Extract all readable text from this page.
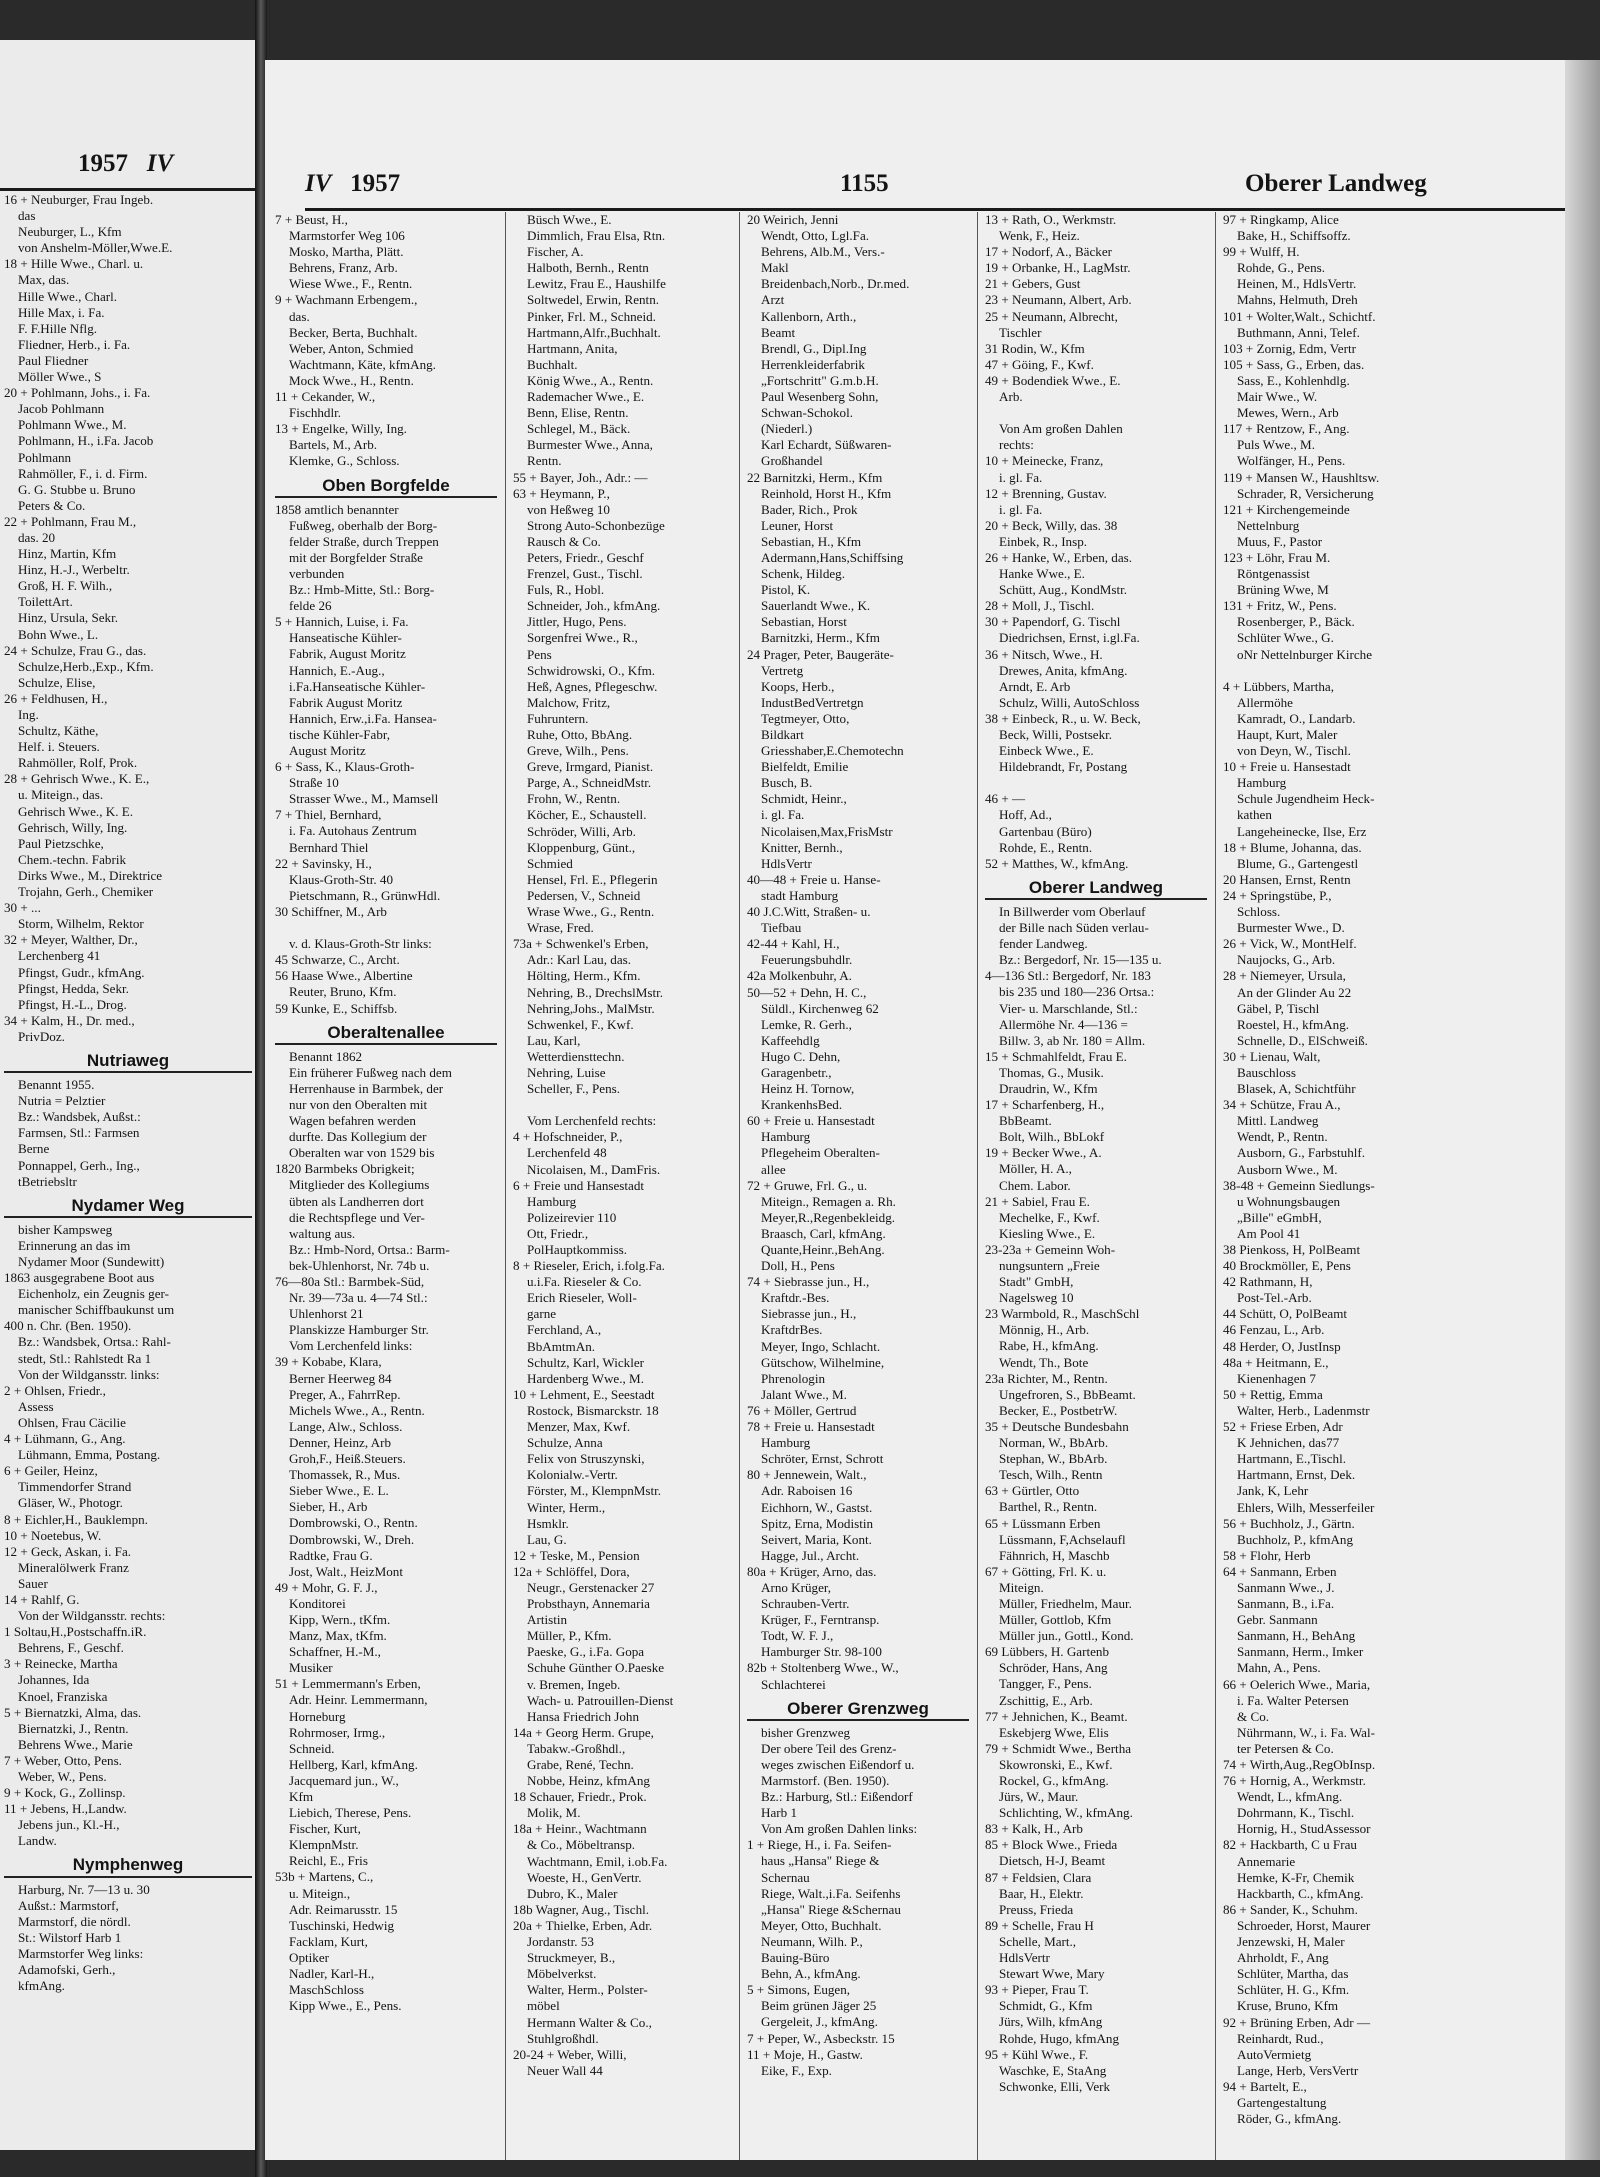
1957 IV
16 + Neuburger, Frau Ingeb.
das
Neuburger, L., Kfm
von Anshelm-Möller,Wwe.E.
18 + Hille Wwe., Charl. u.
Max, das.
Hille Wwe., Charl.
Hille Max, i. Fa.
F. F.Hille Nflg.
Fliedner, Herb., i. Fa.
Paul Fliedner
Möller Wwe., S
20 + Pohlmann, Johs., i. Fa.
Jacob Pohlmann
Pohlmann Wwe., M.
Pohlmann, H., i.Fa. Jacob
Pohlmann
Rahmöller, F., i. d. Firm.
G. G. Stubbe u. Bruno
Peters & Co.
22 + Pohlmann, Frau M.,
das. 20
Hinz, Martin, Kfm
Hinz, H.-J., Werbeltr.
Groß, H. F. Wilh.,
ToilettArt.
Hinz, Ursula, Sekr.
Bohn Wwe., L.
24 + Schulze, Frau G., das.
Schulze,Herb.,Exp., Kfm.
Schulze, Elise,
26 + Feldhusen, H.,
Ing.
Schultz, Käthe,
Helf. i. Steuers.
Rahmöller, Rolf, Prok.
28 + Gehrisch Wwe., K. E.,
u. Miteign., das.
Gehrisch Wwe., K. E.
Gehrisch, Willy, Ing.
Paul Pietzschke,
Chem.-techn. Fabrik
Dirks Wwe., M., Direktrice
Trojahn, Gerh., Chemiker
30 + ...
Storm, Wilhelm, Rektor
32 + Meyer, Walther, Dr.,
Lerchenberg 41
Pfingst, Gudr., kfmAng.
Pfingst, Hedda, Sekr.
Pfingst, H.-L., Drog.
34 + Kalm, H., Dr. med.,
PrivDoz.
Nutriaweg
Benannt 1955.
Nutria = Pelztier
Bz.: Wandsbek, Außst.:
Farmsen, Stl.: Farmsen
Berne
Ponnappel, Gerh., Ing.,
tBetriebsltr
Nydamer Weg
bisher Kampsweg
Erinnerung an das im
Nydamer Moor (Sundewitt)
1863 ausgegrabene Boot aus
Eichenholz, ein Zeugnis ger-
manischer Schiffbaukunst um
400 n. Chr. (Ben. 1950).
Bz.: Wandsbek, Ortsa.: Rahl-
stedt, Stl.: Rahlstedt Ra 1
Von der Wildgansstr. links:
2 + Ohlsen, Friedr.,
Assess
Ohlsen, Frau Cäcilie
4 + Lühmann, G., Ang.
Lühmann, Emma, Postang.
6 + Geiler, Heinz,
Timmendorfer Strand
Gläser, W., Photogr.
8 + Eichler,H., Bauklempn.
10 + Noetebus, W.
12 + Geck, Askan, i. Fa.
Mineralölwerk Franz
Sauer
14 + Rahlf, G.
Von der Wildgansstr. rechts:
1 Soltau,H.,Postschaffn.iR.
Behrens, F., Geschf.
3 + Reinecke, Martha
Johannes, Ida
Knoel, Franziska
5 + Biernatzki, Alma, das.
Biernatzki, J., Rentn.
Behrens Wwe., Marie
7 + Weber, Otto, Pens.
Weber, W., Pens.
9 + Kock, G., Zollinsp.
11 + Jebens, H.,Landw.
Jebens jun., Kl.-H.,
Landw.
Nymphenweg
Harburg, Nr. 7—13 u. 30
Außst.: Marmstorf,
Marmstorf, die nördl.
St.: Wilstorf Harb 1
Marmstorfer Weg links:
Adamofski, Gerh.,
kfmAng.
IV 1957	1155	Oberer Landweg
7 + Beust, H.,
Marmstorfer Weg 106
Mosko, Martha, Plätt.
Behrens, Franz, Arb.
Wiese Wwe., F., Rentn.
9 + Wachmann Erbengem.,
das.
Becker, Berta, Buchhalt.
Weber, Anton, Schmied
Wachtmann, Käte, kfmAng.
Mock Wwe., H., Rentn.
11 + Cekander, W.,
Fischhdlr.
13 + Engelke, Willy, Ing.
Bartels, M., Arb.
Klemke, G., Schloss.
Oben Borgfelde
1858 amtlich benannter
Fußweg, oberhalb der Borg-
felder Straße, durch Treppen
mit der Borgfelder Straße
verbunden
Bz.: Hmb-Mitte, Stl.: Borg-
felde 26
5 + Hannich, Luise, i. Fa.
Hanseatische Kühler-
Fabrik, August Moritz
Hannich, E.-Aug.,
i.Fa.Hanseatische Kühler-
Fabrik August Moritz
Hannich, Erw.,i.Fa. Hansea-
tische Kühler-Fabr,
August Moritz
6 + Sass, K., Klaus-Groth-
Straße 10
Strasser Wwe., M., Mamsell
7 + Thiel, Bernhard,
i. Fa. Autohaus Zentrum
Bernhard Thiel
22 + Savinsky, H.,
Klaus-Groth-Str. 40
Pietschmann, R., GrünwHdl.
30 Schiffner, M., Arb

v. d. Klaus-Groth-Str links:
45 Schwarze, C., Archt.
56 Haase Wwe., Albertine
Reuter, Bruno, Kfm.
59 Kunke, E., Schiffsb.
Oberaltenallee
Benannt 1862
Ein früherer Fußweg nach dem
Herrenhause in Barmbek, der
nur von den Oberalten mit
Wagen befahren werden
durfte. Das Kollegium der
Oberalten war von 1529 bis
1820 Barmbeks Obrigkeit;
Mitglieder des Kollegiums
übten als Landherren dort
die Rechtspflege und Ver-
waltung aus.
Bz.: Hmb-Nord, Ortsa.: Barm-
bek-Uhlenhorst, Nr. 74b u.
76—80a Stl.: Barmbek-Süd,
Nr. 39—73a u. 4—74 Stl.:
Uhlenhorst 21
Planskizze Hamburger Str.
Vom Lerchenfeld links:
39 + Kobabe, Klara,
Berner Heerweg 84
Preger, A., FahrrRep.
Michels Wwe., A., Rentn.
Lange, Alw., Schloss.
Denner, Heinz, Arb
Groh,F., Heiß.Steuers.
Thomassek, R., Mus.
Sieber Wwe., E. L.
Sieber, H., Arb
Dombrowski, O., Rentn.
Dombrowski, W., Dreh.
Radtke, Frau G.
Jost, Walt., HeizMont
49 + Mohr, G. F. J.,
Konditorei
Kipp, Wern., tKfm.
Manz, Max, tKfm.
Schaffner, H.-M.,
Musiker
51 + Lemmermann's Erben,
Adr. Heinr. Lemmermann,
Horneburg
Rohrmoser, Irmg.,
Schneid.
Hellberg, Karl, kfmAng.
Jacquemard jun., W.,
Kfm
Liebich, Therese, Pens.
Fischer, Kurt,
KlempnMstr.
Reichl, E., Fris
53b + Martens, C.,
u. Miteign.,
Adr. Reimarusstr. 15
Tuschinski, Hedwig
Facklam, Kurt,
Optiker
Nadler, Karl-H.,
MaschSchloss
Kipp Wwe., E., Pens.
Büsch Wwe., E.
Dimmlich, Frau Elsa, Rtn.
Fischer, A.
Halboth, Bernh., Rentn
Lewitz, Frau E., Haushilfe
Soltwedel, Erwin, Rentn.
Pinker, Frl. M., Schneid.
Hartmann,Alfr.,Buchhalt.
Hartmann, Anita,
Buchhalt.
König Wwe., A., Rentn.
Rademacher Wwe., E.
Benn, Elise, Rentn.
Schlegel, M., Bäck.
Burmester Wwe., Anna,
Rentn.
55 + Bayer, Joh., Adr.: —
63 + Heymann, P.,
von Heßweg 10
Strong Auto-Schonbezüge
Rausch & Co.
Peters, Friedr., Geschf
Frenzel, Gust., Tischl.
Fuls, R., Hobl.
Schneider, Joh., kfmAng.
Jittler, Hugo, Pens.
Sorgenfrei Wwe., R.,
Pens
Schwidrowski, O., Kfm.
Heß, Agnes, Pflegeschw.
Malchow, Fritz,
Fuhruntern.
Ruhe, Otto, BbAng.
Greve, Wilh., Pens.
Greve, Irmgard, Pianist.
Parge, A., SchneidMstr.
Frohn, W., Rentn.
Köcher, E., Schaustell.
Schröder, Willi, Arb.
Kloppenburg, Günt.,
Schmied
Hensel, Frl. E., Pflegerin
Pedersen, V., Schneid
Wrase Wwe., G., Rentn.
Wrase, Fred.
73a + Schwenkel's Erben,
Adr.: Karl Lau, das.
Hölting, Herm., Kfm.
Nehring, B., DrechslMstr.
Nehring,Johs., MalMstr.
Schwenkel, F., Kwf.
Lau, Karl,
Wetterdiensttechn.
Nehring, Luise
Scheller, F., Pens.

Vom Lerchenfeld rechts:
4 + Hofschneider, P.,
Lerchenfeld 48
Nicolaisen, M., DamFris.
6 + Freie und Hansestadt
Hamburg
Polizeirevier 110
Ott, Friedr.,
PolHauptkommiss.
8 + Rieseler, Erich, i.folg.Fa.
u.i.Fa. Rieseler & Co.
Erich Rieseler, Woll-
garne
Ferchland, A.,
BbAmtmAn.
Schultz, Karl, Wickler
Hardenberg Wwe., M.
10 + Lehment, E., Seestadt
Rostock, Bismarckstr. 18
Menzer, Max, Kwf.
Schulze, Anna
Felix von Struszynski,
Kolonialw.-Vertr.
Förster, M., KlempnMstr.
Winter, Herm.,
Hsmklr.
Lau, G.
12 + Teske, M., Pension
12a + Schlöffel, Dora,
Neugr., Gerstenacker 27
Probsthayn, Annemaria
Artistin
Müller, P., Kfm.
Paeske, G., i.Fa. Gopa
Schuhe Günther O.Paeske
v. Bremen, Ingeb.
Wach- u. Patrouillen-Dienst
Hansa Friedrich John
14a + Georg Herm. Grupe,
Tabakw.-Großhdl.,
Grabe, René, Techn.
Nobbe, Heinz, kfmAng
18 Schauer, Friedr., Prok.
Molik, M.
18a + Heinr., Wachtmann
& Co., Möbeltransp.
Wachtmann, Emil, i.ob.Fa.
Woeste, H., GenVertr.
Dubro, K., Maler
18b Wagner, Aug., Tischl.
20a + Thielke, Erben, Adr.
Jordanstr. 53
Struckmeyer, B.,
Möbelverkst.
Walter, Herm., Polster-
möbel
Hermann Walter & Co.,
Stuhlgroßhdl.
20-24 + Weber, Willi,
Neuer Wall 44
20 Weirich, Jenni
Wendt, Otto, Lgl.Fa.
Behrens, Alb.M., Vers.-
Makl
Breidenbach,Norb., Dr.med.
Arzt
Kallenborn, Arth.,
Beamt
Brendl, G., Dipl.Ing
Herrenkleiderfabrik
„Fortschritt" G.m.b.H.
Paul Wesenberg Sohn,
Schwan-Schokol.
(Niederl.)
Karl Echardt, Süßwaren-
Großhandel
22 Barnitzki, Herm., Kfm
Reinhold, Horst H., Kfm
Bader, Rich., Prok
Leuner, Horst
Sebastian, H., Kfm
Adermann,Hans,Schiffsing
Schenk, Hildeg.
Pistol, K.
Sauerlandt Wwe., K.
Sebastian, Horst
Barnitzki, Herm., Kfm
24 Prager, Peter, Baugeräte-
Vertretg
Koops, Herb.,
IndustBedVertretgn
Tegtmeyer, Otto,
Bildkart
Griesshaber,E.Chemotechn
Bielfeldt, Emilie
Busch, B.
Schmidt, Heinr.,
i. gl. Fa.
Nicolaisen,Max,FrisMstr
Knitter, Bernh.,
HdlsVertr
40—48 + Freie u. Hanse-
stadt Hamburg
40 J.C.Witt, Straßen- u.
Tiefbau
42-44 + Kahl, H.,
Feuerungsbuhdlr.
42a Molkenbuhr, A.
50—52 + Dehn, H. C.,
Süldl., Kirchenweg 62
Lemke, R. Gerh.,
Kaffeehdlg
Hugo C. Dehn,
Garagenbetr.,
Heinz H. Tornow,
KrankenhsBed.
60 + Freie u. Hansestadt
Hamburg
Pflegeheim Oberalten-
allee
72 + Gruwe, Frl. G., u.
Miteign., Remagen a. Rh.
Meyer,R.,Regenbekleidg.
Braasch, Carl, kfmAng.
Quante,Heinr.,BehAng.
Doll, H., Pens
74 + Siebrasse jun., H.,
Kraftdr.-Bes.
Siebrasse jun., H.,
KraftdrBes.
Meyer, Ingo, Schlacht.
Gütschow, Wilhelmine,
Phrenologin
Jalant Wwe., M.
76 + Möller, Gertrud
78 + Freie u. Hansestadt
Hamburg
Schröter, Ernst, Schrott
80 + Jennewein, Walt.,
Adr. Raboisen 16
Eichhorn, W., Gastst.
Spitz, Erna, Modistin
Seivert, Maria, Kont.
Hagge, Jul., Archt.
80a + Krüger, Arno, das.
Arno Krüger,
Schrauben-Vertr.
Krüger, F., Ferntransp.
Todt, W. F. J.,
Hamburger Str. 98-100
82b + Stoltenberg Wwe., W.,
Schlachterei
Oberer Grenzweg
bisher Grenzweg
Der obere Teil des Grenz-
weges zwischen Eißendorf u.
Marmstorf. (Ben. 1950).
Bz.: Harburg, Stl.: Eißendorf
Harb 1
Von Am großen Dahlen links:
1 + Riege, H., i. Fa. Seifen-
haus „Hansa" Riege &
Schernau
Riege, Walt.,i.Fa. Seifenhs
„Hansa" Riege &Schernau
Meyer, Otto, Buchhalt.
Neumann, Wilh. P.,
Bauing-Büro
Behn, A., kfmAng.
5 + Simons, Eugen,
Beim grünen Jäger 25
Gergeleit, J., kfmAng.
7 + Peper, W., Asbeckstr. 15
11 + Moje, H., Gastw.
Eike, F., Exp.
13 + Rath, O., Werkmstr.
Wenk, F., Heiz.
17 + Nodorf, A., Bäcker
19 + Orbanke, H., LagMstr.
21 + Gebers, Gust
23 + Neumann, Albert, Arb.
25 + Neumann, Albrecht,
Tischler
31 Rodin, W., Kfm
47 + Göing, F., Kwf.
49 + Bodendiek Wwe., E.
Arb.

Von Am großen Dahlen
rechts:
10 + Meinecke, Franz,
i. gl. Fa.
12 + Brenning, Gustav.
i. gl. Fa.
20 + Beck, Willy, das. 38
Einbek, R., Insp.
26 + Hanke, W., Erben, das.
Hanke Wwe., E.
Schütt, Aug., KondMstr.
28 + Moll, J., Tischl.
30 + Papendorf, G. Tischl
Diedrichsen, Ernst, i.gl.Fa.
36 + Nitsch, Wwe., H.
Drewes, Anita, kfmAng.
Arndt, E. Arb
Schulz, Willi, AutoSchloss
38 + Einbeck, R., u. W. Beck,
Beck, Willi, Postsekr.
Einbeck Wwe., E.
Hildebrandt, Fr, Postang

46 + —
Hoff, Ad.,
Gartenbau (Büro)
Rohde, E., Rentn.
52 + Matthes, W., kfmAng.
Oberer Landweg
In Billwerder vom Oberlauf
der Bille nach Süden verlau-
fender Landweg.
Bz.: Bergedorf, Nr. 15—135 u.
4—136 Stl.: Bergedorf, Nr. 183
bis 235 und 180—236 Ortsa.:
Vier- u. Marschlande, Stl.:
Allermöhe Nr. 4—136 =
Billw. 3, ab Nr. 180 = Allm.
15 + Schmahlfeldt, Frau E.
Thomas, G., Musik.
Draudrin, W., Kfm
17 + Scharfenberg, H.,
BbBeamt.
Bolt, Wilh., BbLokf
19 + Becker Wwe., A.
Möller, H. A.,
Chem. Labor.
21 + Sabiel, Frau E.
Mechelke, F., Kwf.
Kiesling Wwe., E.
23-23a + Gemeinn Woh-
nungsuntern „Freie
Stadt" GmbH,
Nagelsweg 10
23 Warmbold, R., MaschSchl
Mönnig, H., Arb.
Rabe, H., kfmAng.
Wendt, Th., Bote
23a Richter, M., Rentn.
Ungefroren, S., BbBeamt.
Becker, E., PostbetrW.
35 + Deutsche Bundesbahn
Norman, W., BbArb.
Stephan, W., BbArb.
Tesch, Wilh., Rentn
63 + Gürtler, Otto
Barthel, R., Rentn.
65 + Lüssmann Erben
Lüssmann, F,Achselaufl
Fähnrich, H, Maschb
67 + Götting, Frl. K. u.
Miteign.
Müller, Friedhelm, Maur.
Müller, Gottlob, Kfm
Müller jun., Gottl., Kond.
69 Lübbers, H. Gartenb
Schröder, Hans, Ang
Tangger, F., Pens.
Zschittig, E., Arb.
77 + Jehnichen, K., Beamt.
Eskebjerg Wwe, Elis
79 + Schmidt Wwe., Bertha
Skowronski, E., Kwf.
Rockel, G., kfmAng.
Jürs, W., Maur.
Schlichting, W., kfmAng.
83 + Kalk, H., Arb
85 + Block Wwe., Frieda
Dietsch, H-J, Beamt
87 + Feldsien, Clara
Baar, H., Elektr.
Preuss, Frieda
89 + Schelle, Frau H
Schelle, Mart.,
HdlsVertr
Stewart Wwe, Mary
93 + Pieper, Frau T.
Schmidt, G., Kfm
Jürs, Wilh, kfmAng
Rohde, Hugo, kfmAng
95 + Kühl Wwe., F.
Waschke, E, StaAng
Schwonke, Elli, Verk
97 + Ringkamp, Alice
Bake, H., Schiffsoffz.
99 + Wulff, H.
Rohde, G., Pens.
Heinen, M., HdlsVertr.
Mahns, Helmuth, Dreh
101 + Wolter,Walt., Schichtf.
Buthmann, Anni, Telef.
103 + Zornig, Edm, Vertr
105 + Sass, G., Erben, das.
Sass, E., Kohlenhdlg.
Mair Wwe., W.
Mewes, Wern., Arb
117 + Rentzow, F., Ang.
Puls Wwe., M.
Wolfänger, H., Pens.
119 + Mansen W., Haushltsw.
Schrader, R, Versicherung
121 + Kirchengemeinde
Nettelnburg
Muus, F., Pastor
123 + Löhr, Frau M.
Röntgenassist
Brüning Wwe, M
131 + Fritz, W., Pens.
Rosenberger, P., Bäck.
Schlüter Wwe., G.
oNr Nettelnburger Kirche

4 + Lübbers, Martha,
Allermöhe
Kamradt, O., Landarb.
Haupt, Kurt, Maler
von Deyn, W., Tischl.
10 + Freie u. Hansestadt
Hamburg
Schule Jugendheim Heck-
kathen
Langeheinecke, Ilse, Erz
18 + Blume, Johanna, das.
Blume, G., Gartengestl
20 Hansen, Ernst, Rentn
24 + Springstübe, P.,
Schloss.
Burmester Wwe., D.
26 + Vick, W., MontHelf.
Naujocks, G., Arb.
28 + Niemeyer, Ursula,
An der Glinder Au 22
Gäbel, P, Tischl
Roestel, H., kfmAng.
Schnelle, D., ElSchweiß.
30 + Lienau, Walt,
Bauschloss
Blasek, A, Schichtführ
34 + Schütze, Frau A.,
Mittl. Landweg
Wendt, P., Rentn.
Ausborn, G., Farbstuhlf.
Ausborn Wwe., M.
38-48 + Gemeinn Siedlungs-
u Wohnungsbaugen
„Bille" eGmbH,
Am Pool 41
38 Pienkoss, H, PolBeamt
40 Brockmöller, E, Pens
42 Rathmann, H,
Post-Tel.-Arb.
44 Schütt, O, PolBeamt
46 Fenzau, L., Arb.
48 Herder, O, JustInsp
48a + Heitmann, E.,
Kienenhagen 7
50 + Rettig, Emma
Walter, Herb., Ladenmstr
52 + Friese Erben, Adr
K Jehnichen, das77
Hartmann, E.,Tischl.
Hartmann, Ernst, Dek.
Jank, K, Lehr
Ehlers, Wilh, Messerfeiler
56 + Buchholz, J., Gärtn.
Buchholz, P., kfmAng
58 + Flohr, Herb
64 + Sanmann, Erben
Sanmann Wwe., J.
Sanmann, B., i.Fa.
Gebr. Sanmann
Sanmann, H., BehAng
Sanmann, Herm., Imker
Mahn, A., Pens.
66 + Oelerich Wwe., Maria,
i. Fa. Walter Petersen
& Co.
Nührmann, W., i. Fa. Wal-
ter Petersen & Co.
74 + Wirth,Aug.,RegObInsp.
76 + Hornig, A., Werkmstr.
Wendt, L., kfmAng.
Dohrmann, K., Tischl.
Hornig, H., StudAssessor
82 + Hackbarth, C u Frau
Annemarie
Hemke, K-Fr, Chemik
Hackbarth, C., kfmAng.
86 + Sander, K., Schuhm.
Schroeder, Horst, Maurer
Jenzewski, H, Maler
Ahrholdt, F., Ang
Schlüter, Martha, das
Schlüter, H. G., Kfm.
Kruse, Bruno, Kfm
92 + Brüning Erben, Adr —
Reinhardt, Rud.,
AutoVermietg
Lange, Herb, VersVertr
94 + Bartelt, E.,
Gartengestaltung
Röder, G., kfmAng.
